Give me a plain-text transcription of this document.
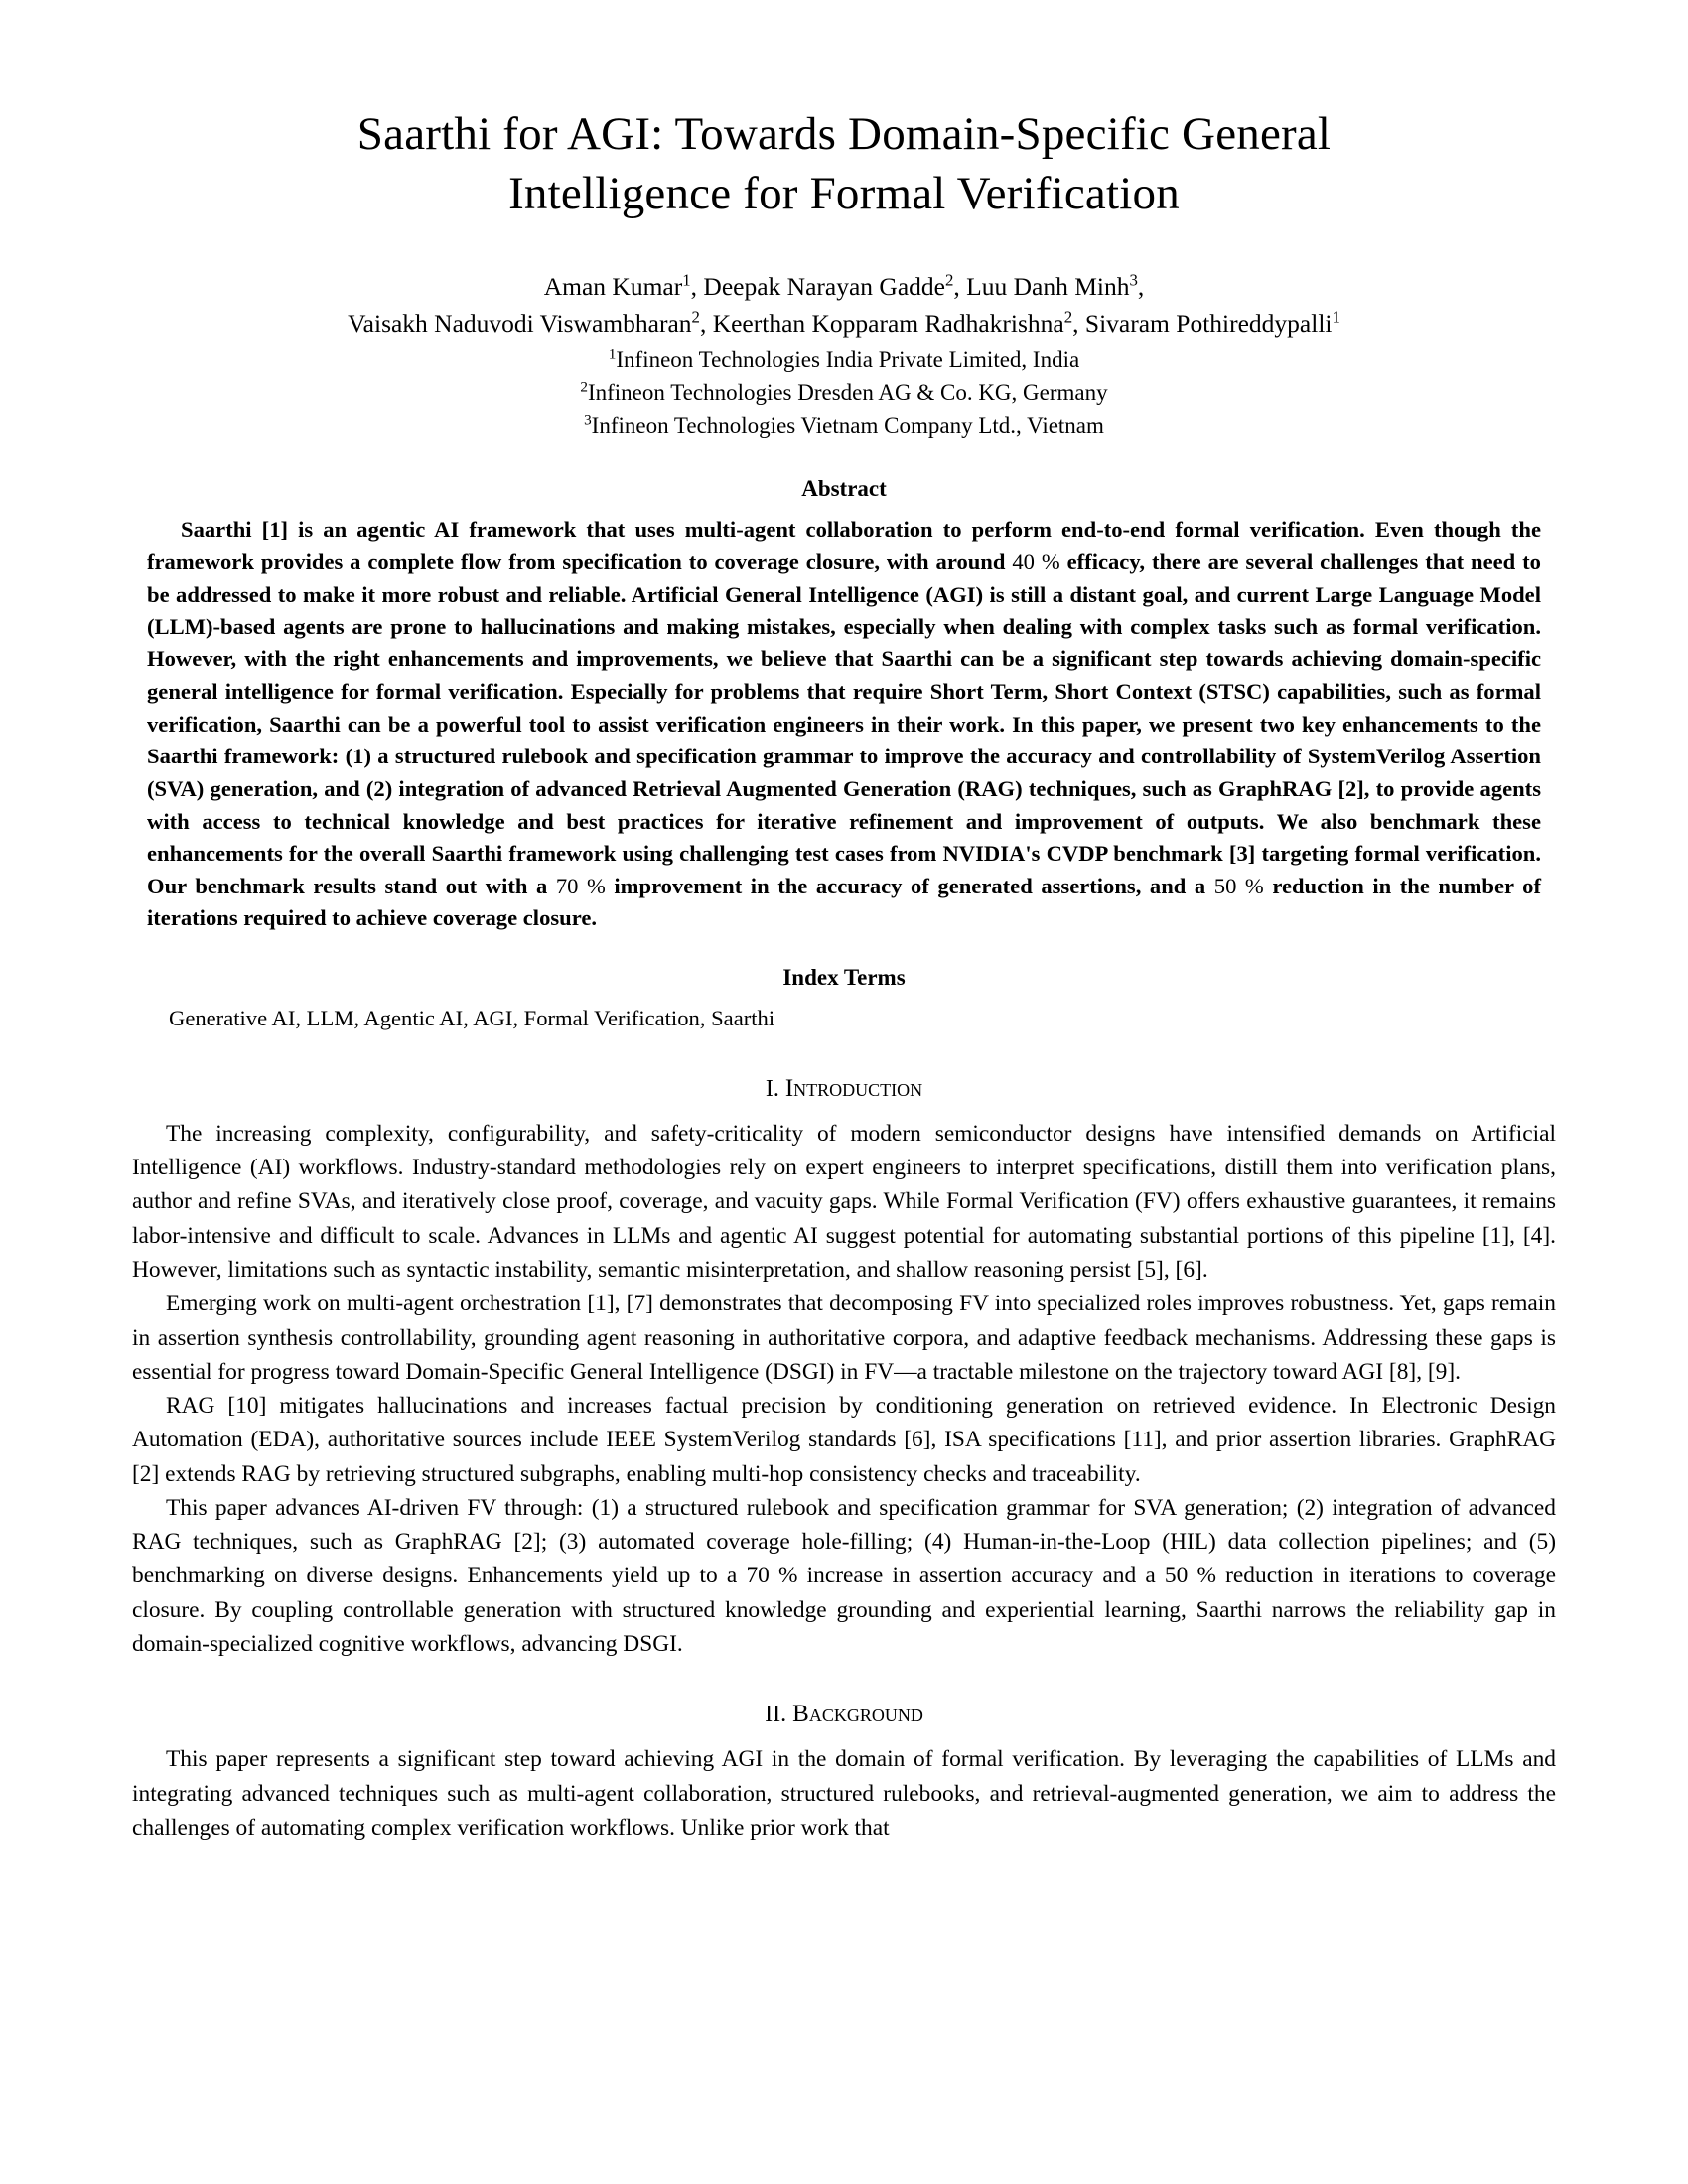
Saarthi for AGI: Towards Domain-Specific General
Intelligence for Formal Verification
Aman Kumar$^1$, Deepak Narayan Gadde$^2$, Luu Danh Minh$^3$,
Vaisakh Naduvodi Viswambharan$^2$, Keerthan Kopparam Radhakrishna$^2$, Sivaram Pothireddypalli$^1$
$^1$Infineon Technologies India Private Limited, India
$^2$Infineon Technologies Dresden AG & Co. KG, Germany
$^3$Infineon Technologies Vietnam Company Ltd., Vietnam
Abstract
Saarthi [1] is an agentic AI framework that uses multi-agent collaboration to perform end-to-end formal verification. Even though the framework provides a complete flow from specification to coverage closure, with around 40 % efficacy, there are several challenges that need to be addressed to make it more robust and reliable. Artificial General Intelligence (AGI) is still a distant goal, and current Large Language Model (LLM)-based agents are prone to hallucinations and making mistakes, especially when dealing with complex tasks such as formal verification. However, with the right enhancements and improvements, we believe that Saarthi can be a significant step towards achieving domain-specific general intelligence for formal verification. Especially for problems that require Short Term, Short Context (STSC) capabilities, such as formal verification, Saarthi can be a powerful tool to assist verification engineers in their work. In this paper, we present two key enhancements to the Saarthi framework: (1) a structured rulebook and specification grammar to improve the accuracy and controllability of SystemVerilog Assertion (SVA) generation, and (2) integration of advanced Retrieval Augmented Generation (RAG) techniques, such as GraphRAG [2], to provide agents with access to technical knowledge and best practices for iterative refinement and improvement of outputs. We also benchmark these enhancements for the overall Saarthi framework using challenging test cases from NVIDIA's CVDP benchmark [3] targeting formal verification. Our benchmark results stand out with a 70 % improvement in the accuracy of generated assertions, and a 50 % reduction in the number of iterations required to achieve coverage closure.
Index Terms
Generative AI, LLM, Agentic AI, AGI, Formal Verification, Saarthi
I. Introduction

The increasing complexity, configurability, and safety-criticality of modern semiconductor designs have intensified demands on Artificial Intelligence (AI) workflows. Industry-standard methodologies rely on expert engineers to interpret specifications, distill them into verification plans, author and refine SVAs, and iteratively close proof, coverage, and vacuity gaps. While Formal Verification (FV) offers exhaustive guarantees, it remains labor-intensive and difficult to scale. Advances in LLMs and agentic AI suggest potential for automating substantial portions of this pipeline [1], [4]. However, limitations such as syntactic instability, semantic misinterpretation, and shallow reasoning persist [5], [6].

Emerging work on multi-agent orchestration [1], [7] demonstrates that decomposing FV into specialized roles improves robustness. Yet, gaps remain in assertion synthesis controllability, grounding agent reasoning in authoritative corpora, and adaptive feedback mechanisms. Addressing these gaps is essential for progress toward Domain-Specific General Intelligence (DSGI) in FV—a tractable milestone on the trajectory toward AGI [8], [9].

RAG [10] mitigates hallucinations and increases factual precision by conditioning generation on retrieved evidence. In Electronic Design Automation (EDA), authoritative sources include IEEE SystemVerilog standards [6], ISA specifications [11], and prior assertion libraries. GraphRAG [2] extends RAG by retrieving structured subgraphs, enabling multi-hop consistency checks and traceability.

This paper advances AI-driven FV through: (1) a structured rulebook and specification grammar for SVA generation; (2) integration of advanced RAG techniques, such as GraphRAG [2]; (3) automated coverage hole-filling; (4) Human-in-the-Loop (HIL) data collection pipelines; and (5) benchmarking on diverse designs. Enhancements yield up to a 70 % increase in assertion accuracy and a 50 % reduction in iterations to coverage closure. By coupling controllable generation with structured knowledge grounding and experiential learning, Saarthi narrows the reliability gap in domain-specialized cognitive workflows, advancing DSGI.

II. Background

This paper represents a significant step toward achieving AGI in the domain of formal verification. By leveraging the capabilities of LLMs and integrating advanced techniques such as multi-agent collaboration, structured rulebooks, and retrieval-augmented generation, we aim to address the challenges of automating complex verification workflows. Unlike prior work that
